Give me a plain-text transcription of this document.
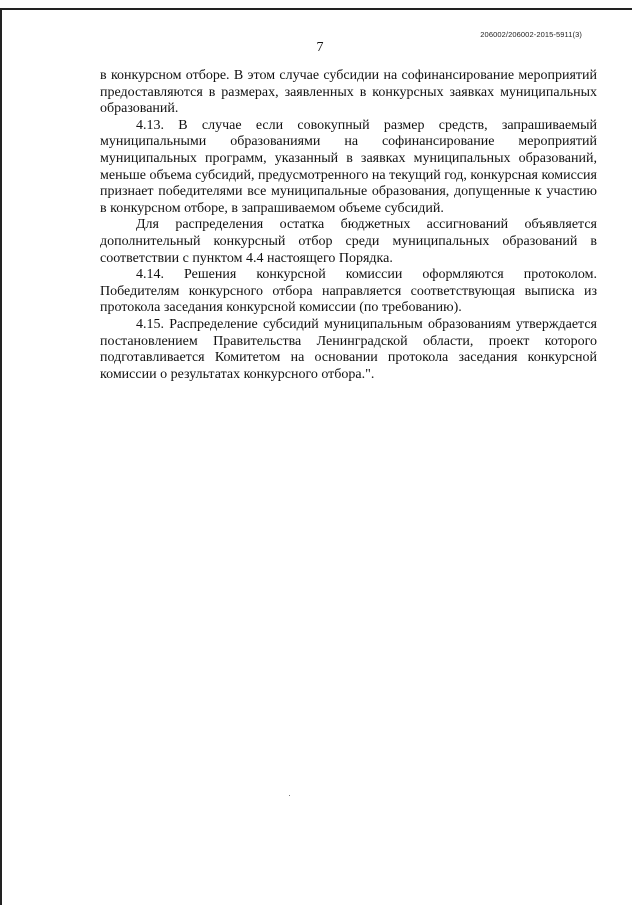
206002/206002-2015-5911(3)
7

в конкурсном отборе. В этом случае субсидии на софинансирование мероприятий предоставляются в размерах, заявленных в конкурсных заявках муниципальных образований.

4.13. В случае если совокупный размер средств, запрашиваемый муниципальными образованиями на софинансирование мероприятий муниципальных программ, указанный в заявках муниципальных образований, меньше объема субсидий, предусмотренного на текущий год, конкурсная комиссия признает победителями все муниципальные образования, допущенные к участию в конкурсном отборе, в запрашиваемом объеме субсидий.

Для распределения остатка бюджетных ассигнований объявляется дополнительный конкурсный отбор среди муниципальных образований в соответствии с пунктом 4.4 настоящего Порядка.

4.14. Решения конкурсной комиссии оформляются протоколом. Победителям конкурсного отбора направляется соответствующая выписка из протокола заседания конкурсной комиссии (по требованию).

4.15. Распределение субсидий муниципальным образованиям утверждается постановлением Правительства Ленинградской области, проект которого подготавливается Комитетом на основании протокола заседания конкурсной комиссии о результатах конкурсного отбора.".
